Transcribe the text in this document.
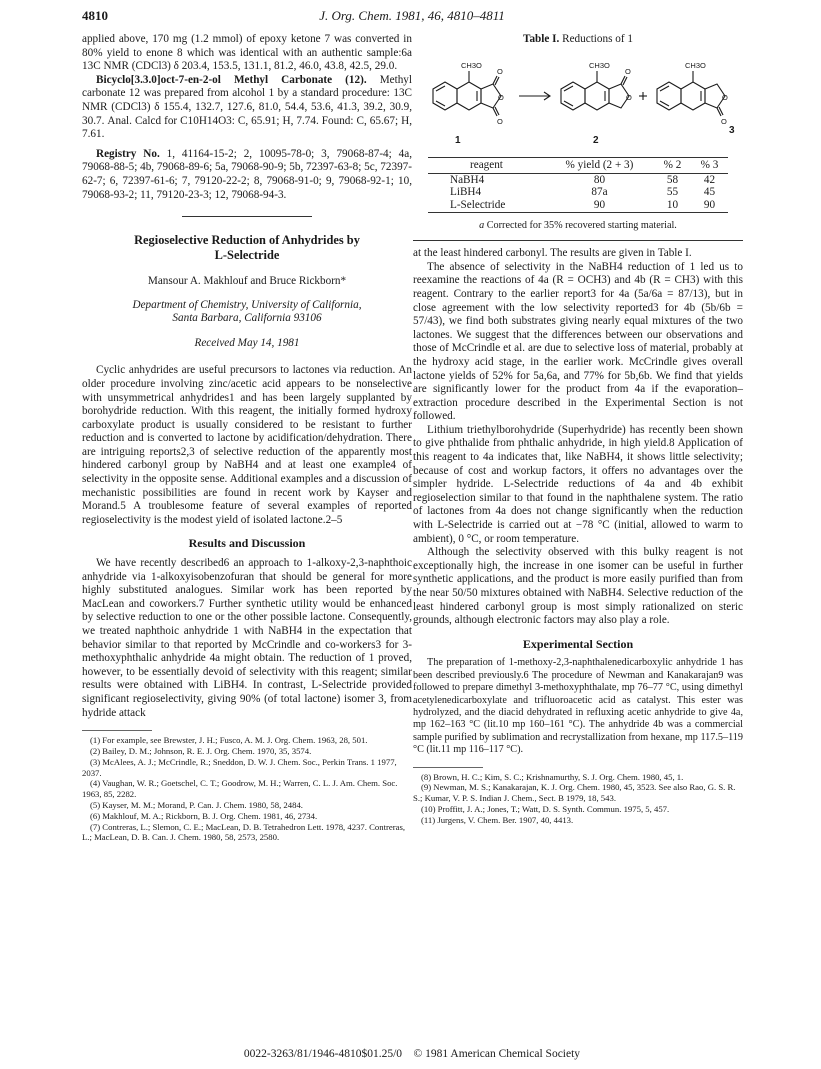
4810	J. Org. Chem. 1981, 46, 4810–4811

applied above, 170 mg (1.2 mmol) of epoxy ketone 7 was converted in 80% yield to enone 8 which was identical with an authentic sample:6a 13C NMR (CDCl3) δ 203.4, 153.5, 131.1, 81.2, 46.0, 43.8, 42.5, 29.0.

Bicyclo[3.3.0]oct-7-en-2-ol Methyl Carbonate (12). Methyl carbonate 12 was prepared from alcohol 1 by a standard procedure: 13C NMR (CDCl3) δ 155.4, 132.7, 127.6, 81.0, 54.4, 53.6, 41.3, 39.2, 30.9, 30.7. Anal. Calcd for C10H14O3: C, 65.91; H, 7.74. Found: C, 65.67; H, 7.61.

Registry No. 1, 41164-15-2; 2, 10095-78-0; 3, 79068-87-4; 4a, 79068-88-5; 4b, 79068-89-6; 5a, 79068-90-9; 5b, 72397-63-8; 5c, 72397-62-7; 6, 72397-61-6; 7, 79120-22-2; 8, 79068-91-0; 9, 79068-92-1; 10, 79068-93-2; 11, 79120-23-3; 12, 79068-94-3.

Regioselective Reduction of Anhydrides by
L-Selectride
Mansour A. Makhlouf and Bruce Rickborn*
Department of Chemistry, University of California,
Santa Barbara, California 93106
Received May 14, 1981

Cyclic anhydrides are useful precursors to lactones via reduction. An older procedure involving zinc/acetic acid appears to be nonselective with unsymmetrical anhydrides1 and has been largely supplanted by borohydride reduction. With this reagent, the initially formed hydroxy carboxylate product is usually considered to be resistant to further reduction and is converted to lactone by acidification/dehydration. There are intriguing reports2,3 of selective reduction of the apparently most hindered carbonyl group by NaBH4 and at least one example4 of selectivity in the opposite sense. Additional examples and a discussion of mechanistic possibilities are found in recent work by Kayser and Morand.5 A troublesome feature of several examples of reported regioselectivity is the modest yield of isolated lactone.2–5

Results and Discussion

We have recently described6 an approach to 1-alkoxy-2,3-naphthoic anhydride via 1-alkoxyisobenzofuran that should be general for more highly substituted analogues. Similar work has been reported by MacLean and coworkers.7 Further synthetic utility would be enhanced by selective reduction to one or the other possible lactone. Consequently, we treated naphthoic anhydride 1 with NaBH4 in the expectation that behavior similar to that reported by McCrindle and co-workers3 for 3-methoxyphthalic anhydride 4a might obtain. The reduction of 1 proved, however, to be essentially devoid of selectivity with this reagent; similar results were obtained with LiBH4. In contrast, L-Selectride provided significant regioselectivity, giving 90% (of total lactone) isomer 3, from hydride attack

(1) For example, see Brewster, J. H.; Fusco, A. M. J. Org. Chem. 1963, 28, 501.

(2) Bailey, D. M.; Johnson, R. E. J. Org. Chem. 1970, 35, 3574.

(3) McAlees, A. J.; McCrindle, R.; Sneddon, D. W. J. Chem. Soc., Perkin Trans. 1 1977, 2037.

(4) Vaughan, W. R.; Goetschel, C. T.; Goodrow, M. H.; Warren, C. L. J. Am. Chem. Soc. 1963, 85, 2282.

(5) Kayser, M. M.; Morand, P. Can. J. Chem. 1980, 58, 2484.

(6) Makhlouf, M. A.; Rickborn, B. J. Org. Chem. 1981, 46, 2734.

(7) Contreras, L.; Slemon, C. E.; MacLean, D. B. Tetrahedron Lett. 1978, 4237. Contreras, L.; MacLean, D. B. Can. J. Chem. 1980, 58, 2573, 2580.

Table I. Reductions of 1
CH3O	CH3O	CH3O
O	O	O
O
O
O
O
1	2
3
reagent	% yield (2 + 3)	% 2	% 3
NaBH4	80	58	42
LiBH4	87a	55	45
L-Selectride	90	10	90
a Corrected for 35% recovered starting material.

at the least hindered carbonyl. The results are given in Table I.

The absence of selectivity in the NaBH4 reduction of 1 led us to reexamine the reactions of 4a (R = OCH3) and 4b (R = CH3) with this reagent. Contrary to the earlier report3 for 4a (5a/6a = 87/13), but in close agreement with the low selectivity reported3 for 4b (5b/6b = 57/43), we find both substrates giving nearly equal mixtures of the two lactones. We suggest that the differences between our observations and those of McCrindle et al. are due to selective loss of material, probably at the hydroxy acid stage, in the earlier work. McCrindle gives overall lactone yields of 52% for 5a,6a, and 77% for 5b,6b. We find that yields are significantly lower for the product from 4a if the evaporation–extraction procedure described in the Experimental Section is not followed.

Lithium triethylborohydride (Superhydride) has recently been shown to give phthalide from phthalic anhydride, in high yield.8 Application of this reagent to 4a indicates that, like NaBH4, it shows little selectivity; because of cost and workup factors, it offers no advantages over the simpler hydride. L-Selectride reductions of 4a and 4b exhibit regioselection similar to that found in the naphthalene system. The ratio of lactones from 4a does not change significantly when the reduction with L-Selectride is carried out at −78 °C (initial, allowed to warm to ambient), 0 °C, or room temperature.

Although the selectivity observed with this bulky reagent is not exceptionally high, the increase in one isomer can be useful in further synthetic applications, and the product is more easily purified than from the near 50/50 mixtures obtained with NaBH4. Selective reduction of the least hindered carbonyl group is most simply rationalized on steric grounds, although electronic factors may also play a role.

Experimental Section

The preparation of 1-methoxy-2,3-naphthalenedicarboxylic anhydride 1 has been described previously.6 The procedure of Newman and Kanakarajan9 was followed to prepare dimethyl 3-methoxyphthalate, mp 76–77 °C, using dimethyl acetylenedicarboxylate and trifluoroacetic acid as catalyst. This ester was hydrolyzed, and the diacid dehydrated in refluxing acetic anhydride to give 4a, mp 162–163 °C (lit.10 mp 160–161 °C). The anhydride 4b was a commercial sample purified by sublimation and recrystallization from hexane, mp 117.5–119 °C (lit.11 mp 116–117 °C).

(8) Brown, H. C.; Kim, S. C.; Krishnamurthy, S. J. Org. Chem. 1980, 45, 1.

(9) Newman, M. S.; Kanakarajan, K. J. Org. Chem. 1980, 45, 3523. See also Rao, G. S. R. S.; Kumar, V. P. S. Indian J. Chem., Sect. B 1979, 18, 543.

(10) Proffitt, J. A.; Jones, T.; Watt, D. S. Synth. Commun. 1975, 5, 457.

(11) Jurgens, V. Chem. Ber. 1907, 40, 4413.

0022-3263/81/1946-4810$01.25/0 © 1981 American Chemical Society
